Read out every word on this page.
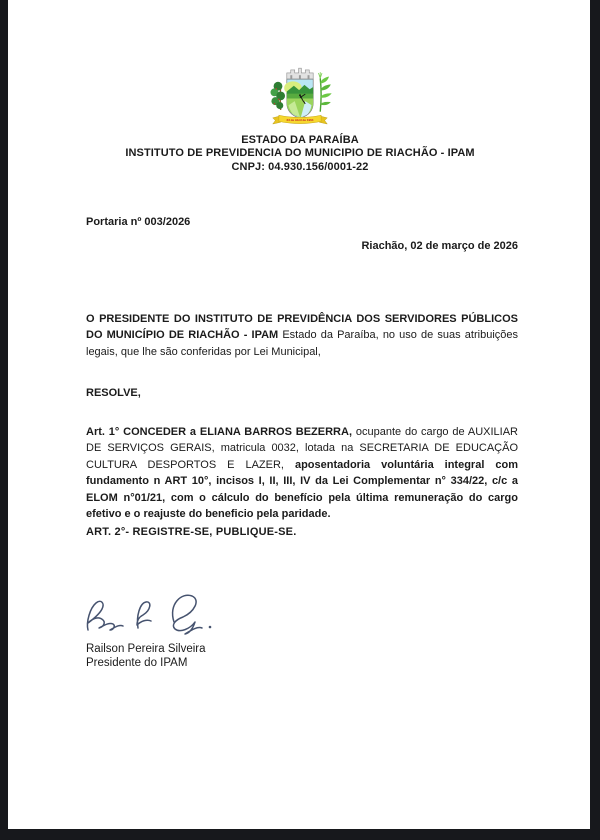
23 de Abril de 1964
ESTADO DA PARAÍBA
INSTITUTO DE PREVIDENCIA DO MUNICIPIO DE RIACHÃO - IPAM
CNPJ: 04.930.156/0001-22
Portaria nº 003/2026
Riachão, 02 de março de 2026
O PRESIDENTE DO INSTITUTO DE PREVIDÊNCIA DOS SERVIDORES PÚBLICOS DO MUNICÍPIO DE RIACHÃO - IPAM Estado da Paraíba, no uso de suas atribuições legais, que lhe são conferidas por Lei Municipal,
RESOLVE,
Art. 1° CONCEDER a ELIANA BARROS BEZERRA, ocupante do cargo de AUXILIAR DE SERVIÇOS GERAIS, matricula 0032, lotada na SECRETARIA DE EDUCAÇÃO CULTURA DESPORTOS E LAZER, aposentadoria voluntária integral com fundamento n ART 10°, incisos I, II, III, IV da Lei Complementar n° 334/22, c/c a ELOM n°01/21, com o cálculo do benefício pela última remuneração do cargo efetivo e o reajuste do beneficio pela paridade.
ART. 2°- REGISTRE-SE, PUBLIQUE-SE.
Railson Pereira Silveira
Presidente do IPAM
